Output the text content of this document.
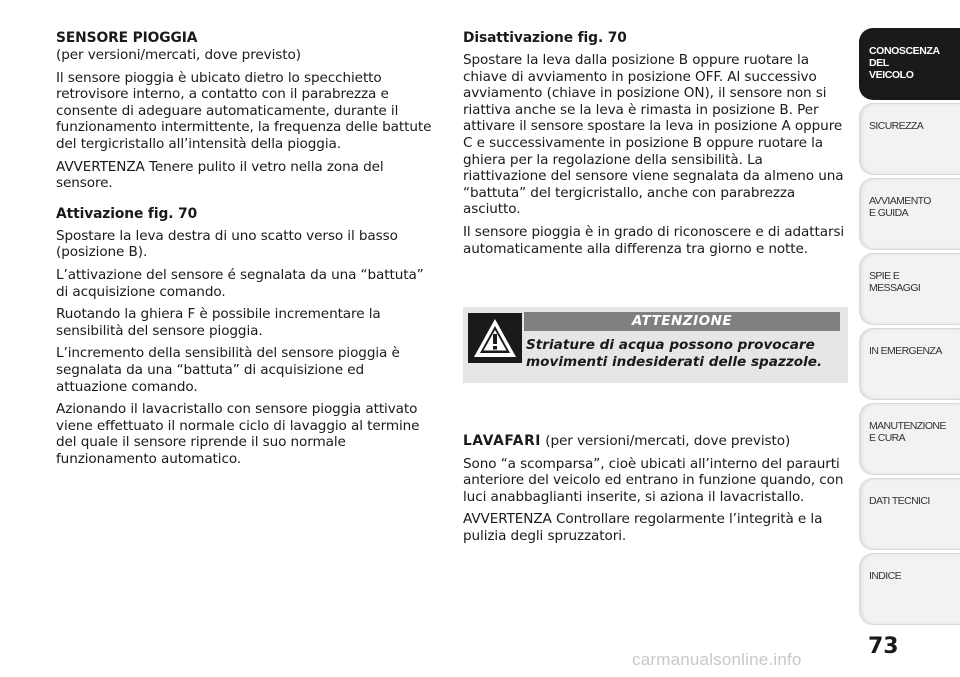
SENSORE PIOGGIA

(per versioni/mercati, dove previsto)

Il sensore pioggia è ubicato dietro lo specchietto retrovisore interno, a contatto con il parabrezza e consente di adeguare automaticamente, durante il funzionamento intermittente, la frequenza delle battute del tergicristallo all’intensità della pioggia.

AVVERTENZA Tenere pulito il vetro nella zona del sensore.

Attivazione fig. 70

Spostare la leva destra di uno scatto verso il basso (posizione B).

L’attivazione del sensore é segnalata da una “battuta” di acquisizione comando.

Ruotando la ghiera F è possibile incrementare la sensibilità del sensore pioggia.

L’incremento della sensibilità del sensore pioggia è segnalata da una “battuta” di acquisizione ed attuazione comando.

Azionando il lavacristallo con sensore pioggia attivato viene effettuato il normale ciclo di lavaggio al termine del quale il sensore riprende il suo normale funzionamento automatico.

Disattivazione fig. 70

Spostare la leva dalla posizione B oppure ruotare la chiave di avviamento in posizione OFF. Al successivo avviamento (chiave in posizione ON), il sensore non si riattiva anche se la leva è rimasta in posizione B. Per attivare il sensore spostare la leva in posizione A oppure C e successivamente in posizione B oppure ruotare la ghiera per la regolazione della sensibilità. La riattivazione del sensore viene segnalata da almeno una “battuta” del tergicristallo, anche con parabrezza asciutto.

Il sensore pioggia è in grado di riconoscere e di adattarsi automaticamente alla differenza tra giorno e notte.

ATTENZIONE
Striature di acqua possono provocare movimenti indesiderati delle spazzole.

LAVAFARI (per versioni/mercati, dove previsto)

Sono “a scomparsa”, cioè ubicati all’interno del paraurti anteriore del veicolo ed entrano in funzione quando, con luci anabbaglianti inserite, si aziona il lavacristallo.

AVVERTENZA Controllare regolarmente l’integrità e la pulizia degli spruzzatori.

CONOSCENZA
DEL
VEICOLO
SICUREZZA
AVVIAMENTO
E GUIDA
SPIE E
MESSAGGI
IN EMERGENZA
MANUTENZIONE
E CURA
DATI TECNICI
INDICE
73
carmanualsonline.info
